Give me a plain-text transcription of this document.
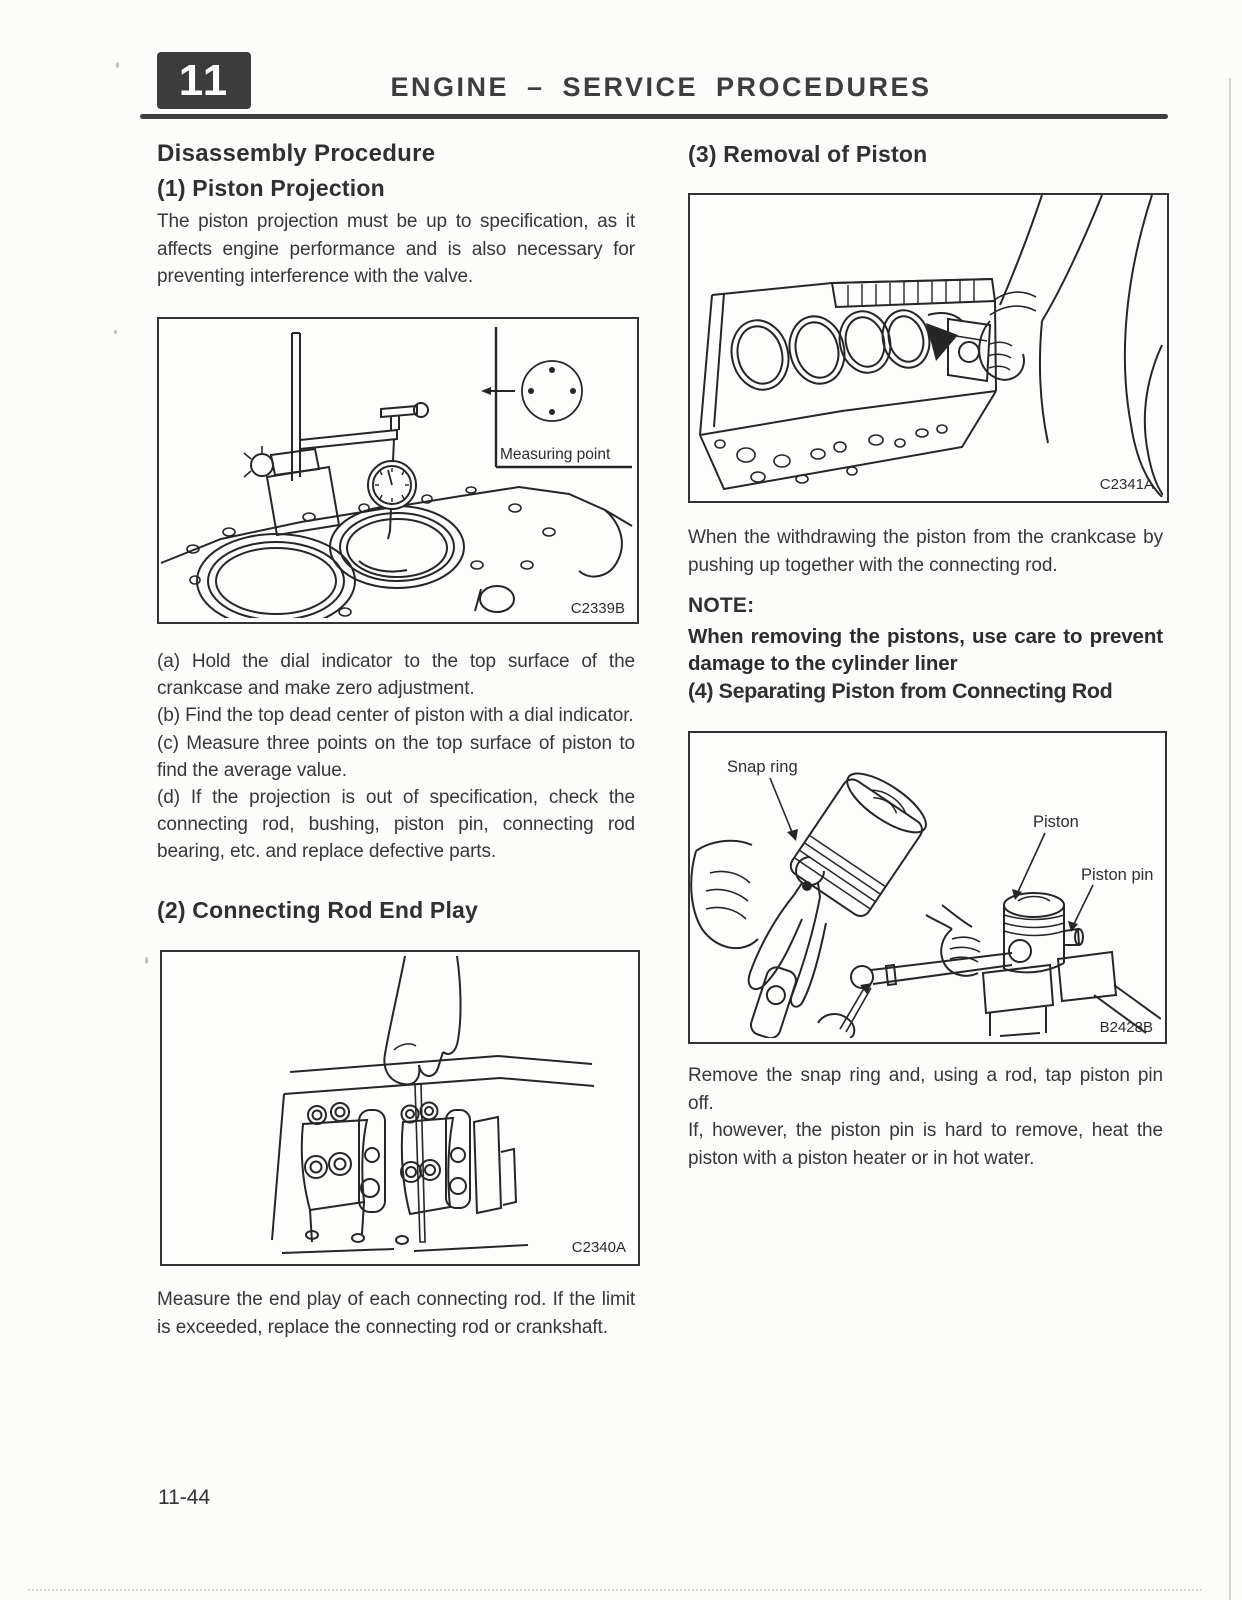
11	ENGINE – SERVICE PROCEDURES
Disassembly Procedure
(1) Piston Projection
The piston projection must be up to specification, as it affects engine performance and is also necessary for preventing interference with the valve.
Measuring point
C2339B

(a) Hold the dial indicator to the top surface of the crankcase and make zero adjustment.

(b) Find the top dead center of piston with a dial indicator.

(c) Measure three points on the top surface of piston to find the average value.

(d) If the projection is out of specification, check the connecting rod, bushing, piston pin, connecting rod bearing, etc. and replace defective parts.

(2) Connecting Rod End Play
C2340A
Measure the end play of each connecting rod. If the limit is exceeded, replace the connecting rod or crankshaft.
(3) Removal of Piston
C2341A
When the withdrawing the piston from the crankcase by pushing up together with the connecting rod.
NOTE:
When removing the pistons, use care to prevent damage to the cylinder liner
(4) Separating Piston from Connecting Rod
Snap ring
Piston
Piston pin
B2428B

Remove the snap ring and, using a rod, tap piston pin off.

If, however, the piston pin is hard to remove, heat the piston with a piston heater or in hot water.

11-44
